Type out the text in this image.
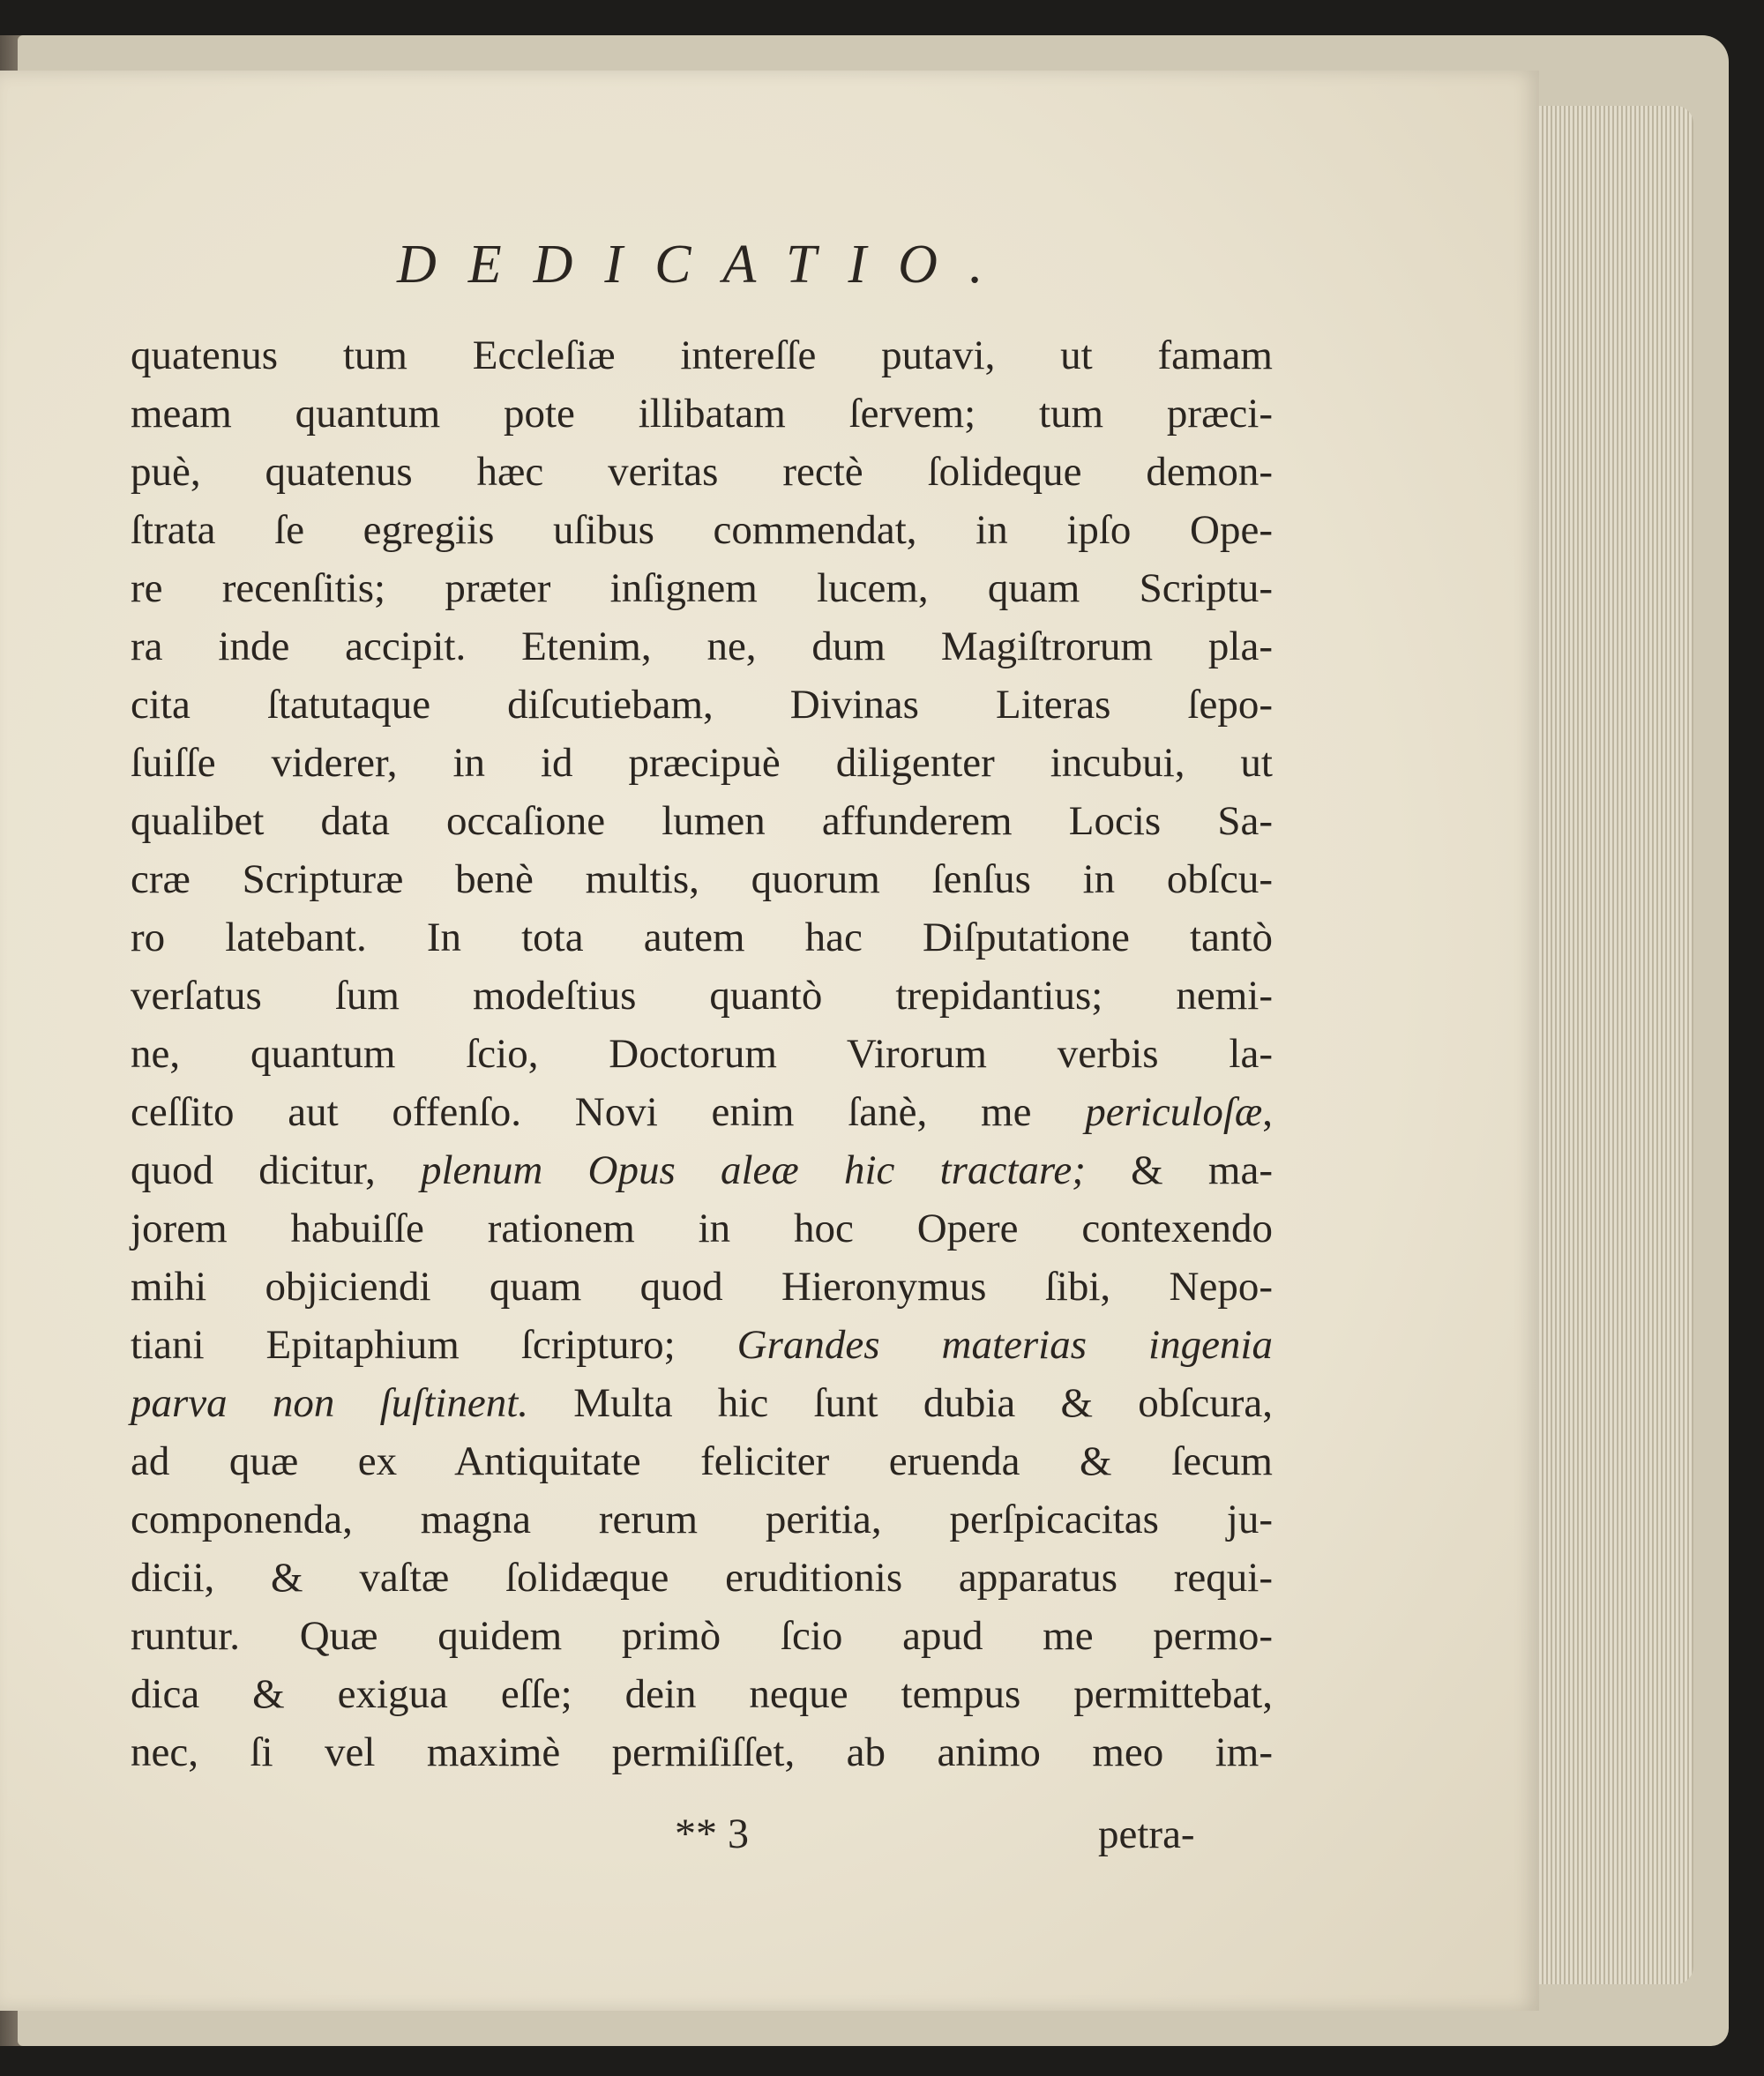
DEDICATIO.
quatenus tum Eccleſiæ intereſſe putavi, ut famam
meam quantum pote illibatam ſervem; tum præci-
puè, quatenus hæc veritas rectè ſolideque demon-
ſtrata ſe egregiis uſibus commendat, in ipſo Ope-
re recenſitis; præter inſignem lucem, quam Scriptu-
ra inde accipit. Etenim, ne, dum Magiſtrorum pla-
cita ſtatutaque diſcutiebam, Divinas Literas ſepo-
ſuiſſe viderer, in id præcipuè diligenter incubui, ut
qualibet data occaſione lumen affunderem Locis Sa-
cræ Scripturæ benè multis, quorum ſenſus in obſcu-
ro latebant. In tota autem hac Diſputatione tantò
verſatus ſum modeſtius quantò trepidantius; nemi-
ne, quantum ſcio, Doctorum Virorum verbis la-
ceſſito aut offenſo. Novi enim ſanè, me periculoſæ,
quod dicitur, plenum Opus aleæ hic tractare; & ma-
jorem habuiſſe rationem in hoc Opere contexendo
mihi objiciendi quam quod Hieronymus ſibi, Nepo-
tiani Epitaphium ſcripturo; Grandes materias ingenia
parva non ſuſtinent. Multa hic ſunt dubia & obſcura,
ad quæ ex Antiquitate feliciter eruenda & ſecum
componenda, magna rerum peritia, perſpicacitas ju-
dicii, & vaſtæ ſolidæque eruditionis apparatus requi-
runtur. Quæ quidem primò ſcio apud me permo-
dica & exigua eſſe; dein neque tempus permittebat,
nec, ſi vel maximè permiſiſſet, ab animo meo im-
** 3	petra-
